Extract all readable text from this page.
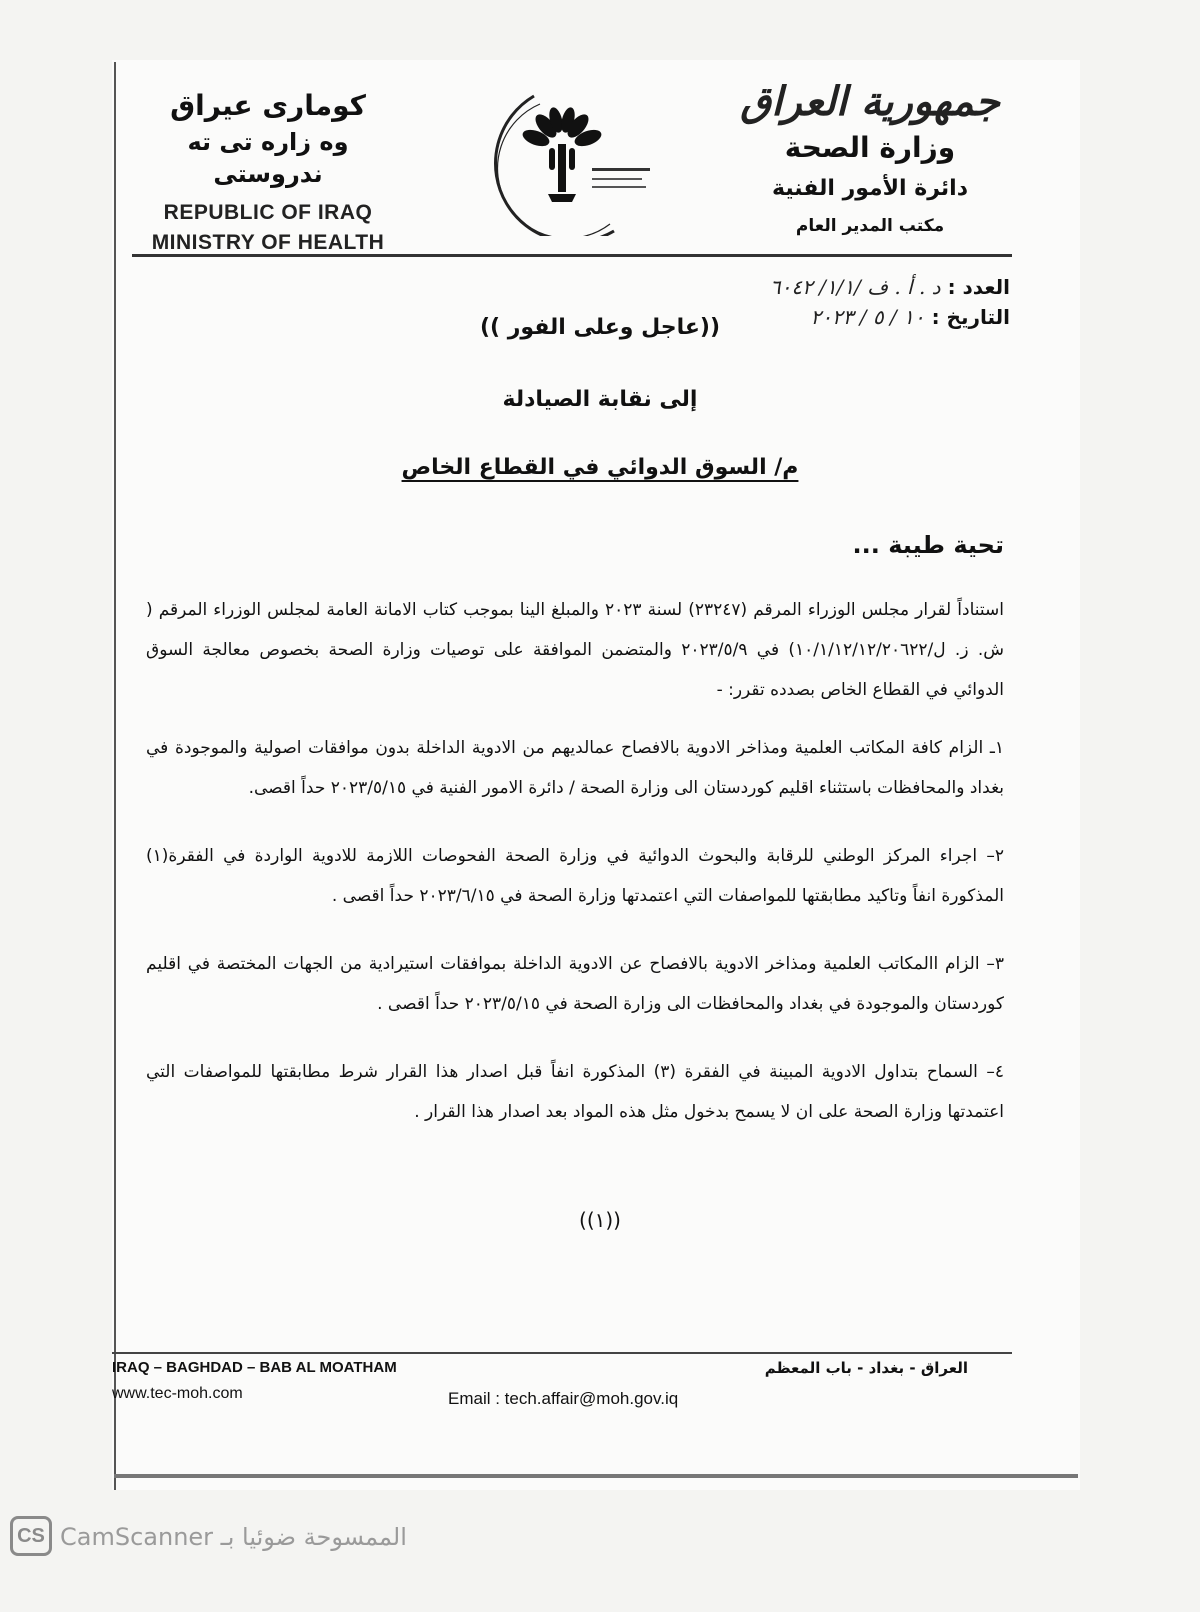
جمهورية العراق

وزارة الصحة

دائرة الأمور الفنية

مكتب المدير العام

كومارى عيراق

وه زاره تى ته ندروستى

REPUBLIC OF IRAQ

MINISTRY OF HEALTH

العدد : د . أ . ف /١/١/ ٦٠٤٢
التاريخ : ١٠ / ٥ / ٢٠٢٣

((عاجل وعلى الفور ))

إلى نقابة الصيادلة

م/ السوق الدوائي في القطاع الخاص

تحية طيبة ...

استناداً لقرار مجلس الوزراء المرقم (٢٣٢٤٧) لسنة ٢٠٢٣ والمبلغ الينا بموجب كتاب الامانة العامة لمجلس الوزراء المرقم ( ش. ز. ل/١٠/١/١٢/١٢/٢٠٦٢٢) في ٢٠٢٣/٥/٩ والمتضمن الموافقة على توصيات وزارة الصحة بخصوص معالجة السوق الدوائي في القطاع الخاص بصدده تقرر: -

١ـ الزام كافة المكاتب العلمية ومذاخر الادوية بالافصاح عمالديهم من الادوية الداخلة بدون موافقات اصولية والموجودة في بغداد والمحافظات باستثناء اقليم كوردستان الى وزارة الصحة / دائرة الامور الفنية في ٢٠٢٣/٥/١٥ حداً اقصى.

٢– اجراء المركز الوطني للرقابة والبحوث الدوائية في وزارة الصحة الفحوصات اللازمة للادوية الواردة في الفقرة(١) المذكورة انفاً وتاكيد مطابقتها للمواصفات التي اعتمدتها وزارة الصحة في ٢٠٢٣/٦/١٥ حداً اقصى .

٣– الزام االمكاتب العلمية ومذاخر الادوية بالافصاح عن الادوية الداخلة بموافقات استيرادية من الجهات المختصة في اقليم كوردستان والموجودة في بغداد والمحافظات الى وزارة الصحة في ٢٠٢٣/٥/١٥ حداً اقصى .

٤– السماح بتداول الادوية المبينة في الفقرة (٣) المذكورة انفاً قبل اصدار هذا القرار شرط مطابقتها للمواصفات التي اعتمدتها وزارة الصحة على ان لا يسمح بدخول مثل هذه المواد بعد اصدار هذا القرار .

((١))

IRAQ – BAGHDAD – BAB AL MOATHAM

www.tec-moh.com	Email : tech.affair@moh.gov.iq

العراق - بغداد - باب المعظم

CS CamScanner الممسوحة ضوئيا بـ
